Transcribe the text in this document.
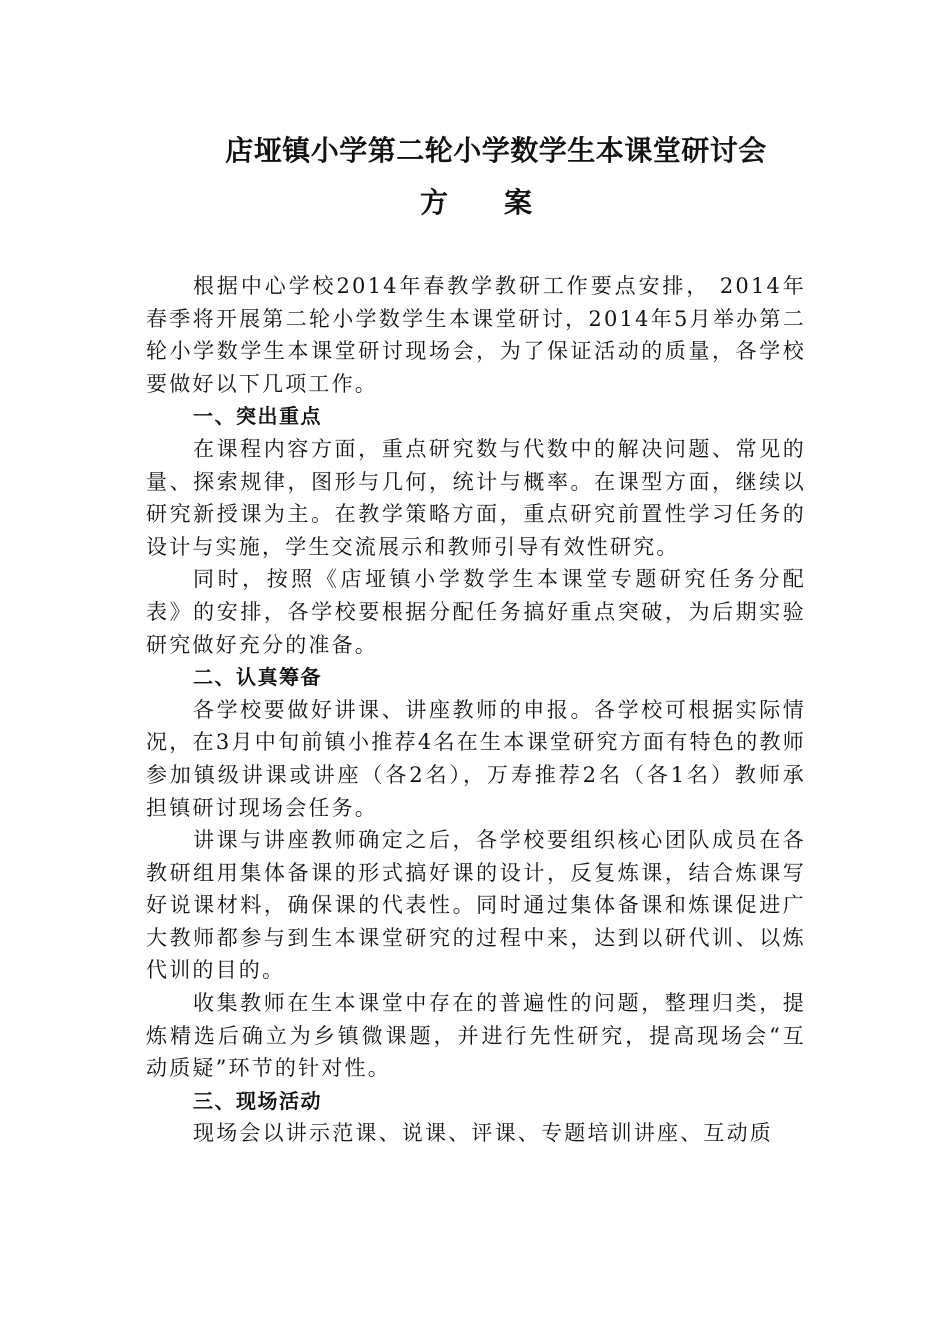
店垭镇小学第二轮小学数学生本课堂研讨会
方案

根据中心学校2014年春教学教研工作要点安排， 2014年春季将开展第二轮小学数学生本课堂研讨，2014年5月举办第二轮小学数学生本课堂研讨现场会，为了保证活动的质量，各学校要做好以下几项工作。

一、突出重点

在课程内容方面，重点研究数与代数中的解决问题、常见的量、探索规律，图形与几何，统计与概率。在课型方面，继续以研究新授课为主。在教学策略方面，重点研究前置性学习任务的设计与实施，学生交流展示和教师引导有效性研究。

同时，按照《店垭镇小学数学生本课堂专题研究任务分配表》的安排，各学校要根据分配任务搞好重点突破，为后期实验研究做好充分的准备。

二、认真筹备

各学校要做好讲课、讲座教师的申报。各学校可根据实际情况，在3月中旬前镇小推荐4名在生本课堂研究方面有特色的教师参加镇级讲课或讲座（各2名），万寿推荐2名（各1名）教师承担镇研讨现场会任务。

讲课与讲座教师确定之后，各学校要组织核心团队成员在各教研组用集体备课的形式搞好课的设计，反复炼课，结合炼课写好说课材料，确保课的代表性。同时通过集体备课和炼课促进广大教师都参与到生本课堂研究的过程中来，达到以研代训、以炼代训的目的。

收集教师在生本课堂中存在的普遍性的问题，整理归类，提炼精选后确立为乡镇微课题，并进行先性研究，提高现场会“互动质疑”环节的针对性。

三、现场活动

现场会以讲示范课、说课、评课、专题培训讲座、互动质
